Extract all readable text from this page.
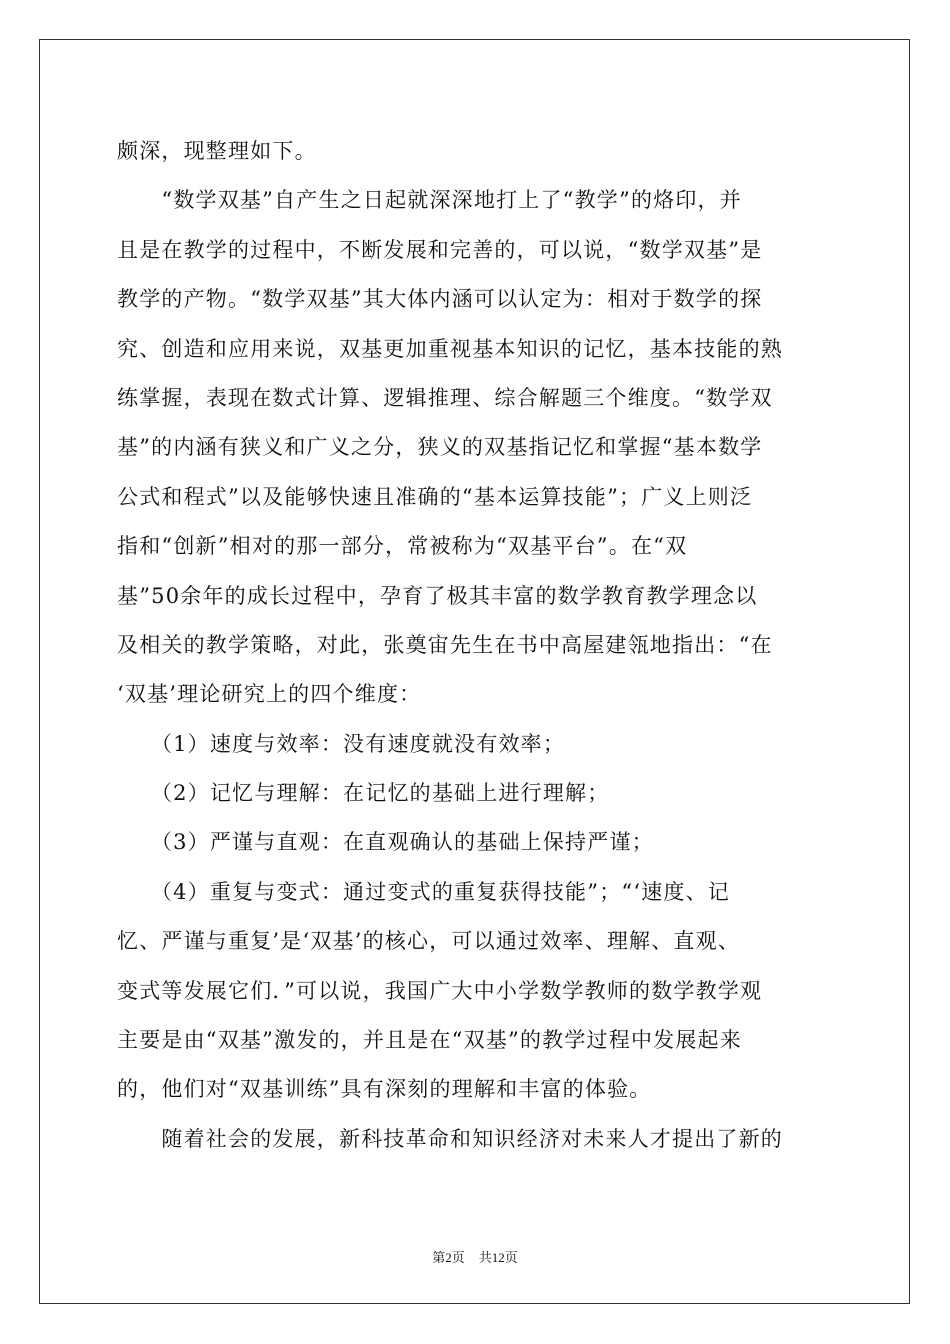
颇深，现整理如下。
　　“数学双基”自产生之日起就深深地打上了“教学”的烙印，并
且是在教学的过程中，不断发展和完善的，可以说，“数学双基”是
教学的产物。“数学双基”其大体内涵可以认定为：相对于数学的探
究、创造和应用来说，双基更加重视基本知识的记忆，基本技能的熟
练掌握，表现在数式计算、逻辑推理、综合解题三个维度。“数学双
基”的内涵有狭义和广义之分，狭义的双基指记忆和掌握“基本数学
公式和程式”以及能够快速且准确的“基本运算技能”；广义上则泛
指和“创新”相对的那一部分，常被称为“双基平台”。在“双
基”50余年的成长过程中，孕育了极其丰富的数学教育教学理念以
及相关的教学策略，对此，张奠宙先生在书中高屋建瓴地指出：“在
‘双基’理论研究上的四个维度：
　　（1）速度与效率：没有速度就没有效率；
　　（2）记忆与理解：在记忆的基础上进行理解；
　　（3）严谨与直观：在直观确认的基础上保持严谨；
　　（4）重复与变式：通过变式的重复获得技能”；“‘速度、记
忆、严谨与重复’是‘双基’的核心，可以通过效率、理解、直观、
变式等发展它们．”可以说，我国广大中小学数学教师的数学教学观
主要是由“双基”激发的，并且是在“双基”的教学过程中发展起来
的，他们对“双基训练”具有深刻的理解和丰富的体验。
　　随着社会的发展，新科技革命和知识经济对未来人才提出了新的
第2页 共12页
